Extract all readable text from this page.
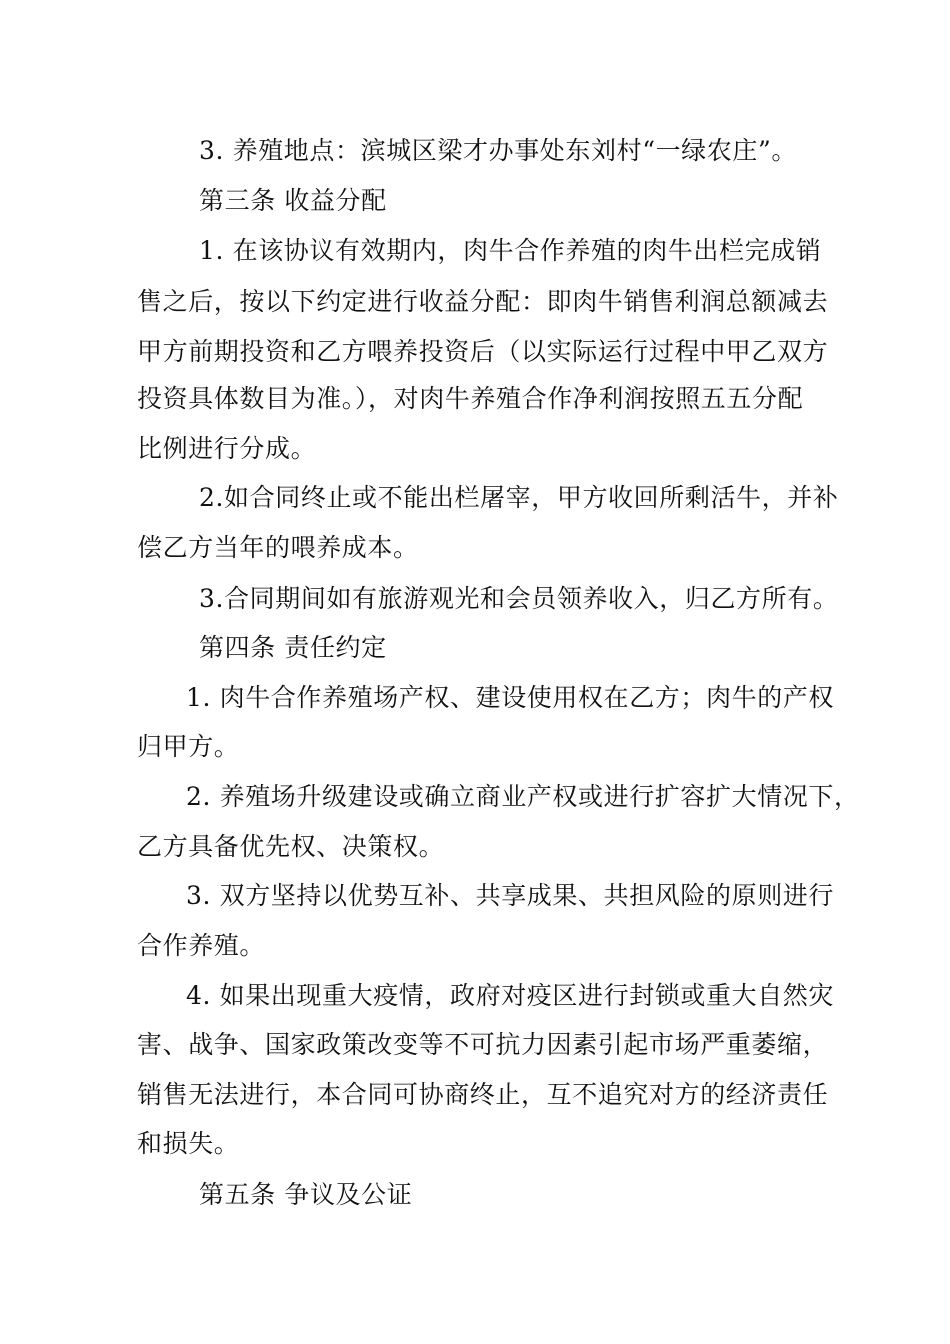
3. 养殖地点：滨城区梁才办事处东刘村“一绿农庄”。
第三条 收益分配
1. 在该协议有效期内，肉牛合作养殖的肉牛出栏完成销
售之后，按以下约定进行收益分配：即肉牛销售利润总额减去
甲方前期投资和乙方喂养投资后（以实际运行过程中甲乙双方
投资具体数目为准。），对肉牛养殖合作净利润按照五五分配
比例进行分成。
2.如合同终止或不能出栏屠宰，甲方收回所剩活牛，并补
偿乙方当年的喂养成本。
3.合同期间如有旅游观光和会员领养收入，归乙方所有。
第四条 责任约定
1. 肉牛合作养殖场产权、建设使用权在乙方；肉牛的产权
归甲方。
2. 养殖场升级建设或确立商业产权或进行扩容扩大情况下，
乙方具备优先权、决策权。
3. 双方坚持以优势互补、共享成果、共担风险的原则进行
合作养殖。
4. 如果出现重大疫情，政府对疫区进行封锁或重大自然灾
害、战争、国家政策改变等不可抗力因素引起市场严重萎缩，
销售无法进行，本合同可协商终止，互不追究对方的经济责任
和损失。
第五条 争议及公证
